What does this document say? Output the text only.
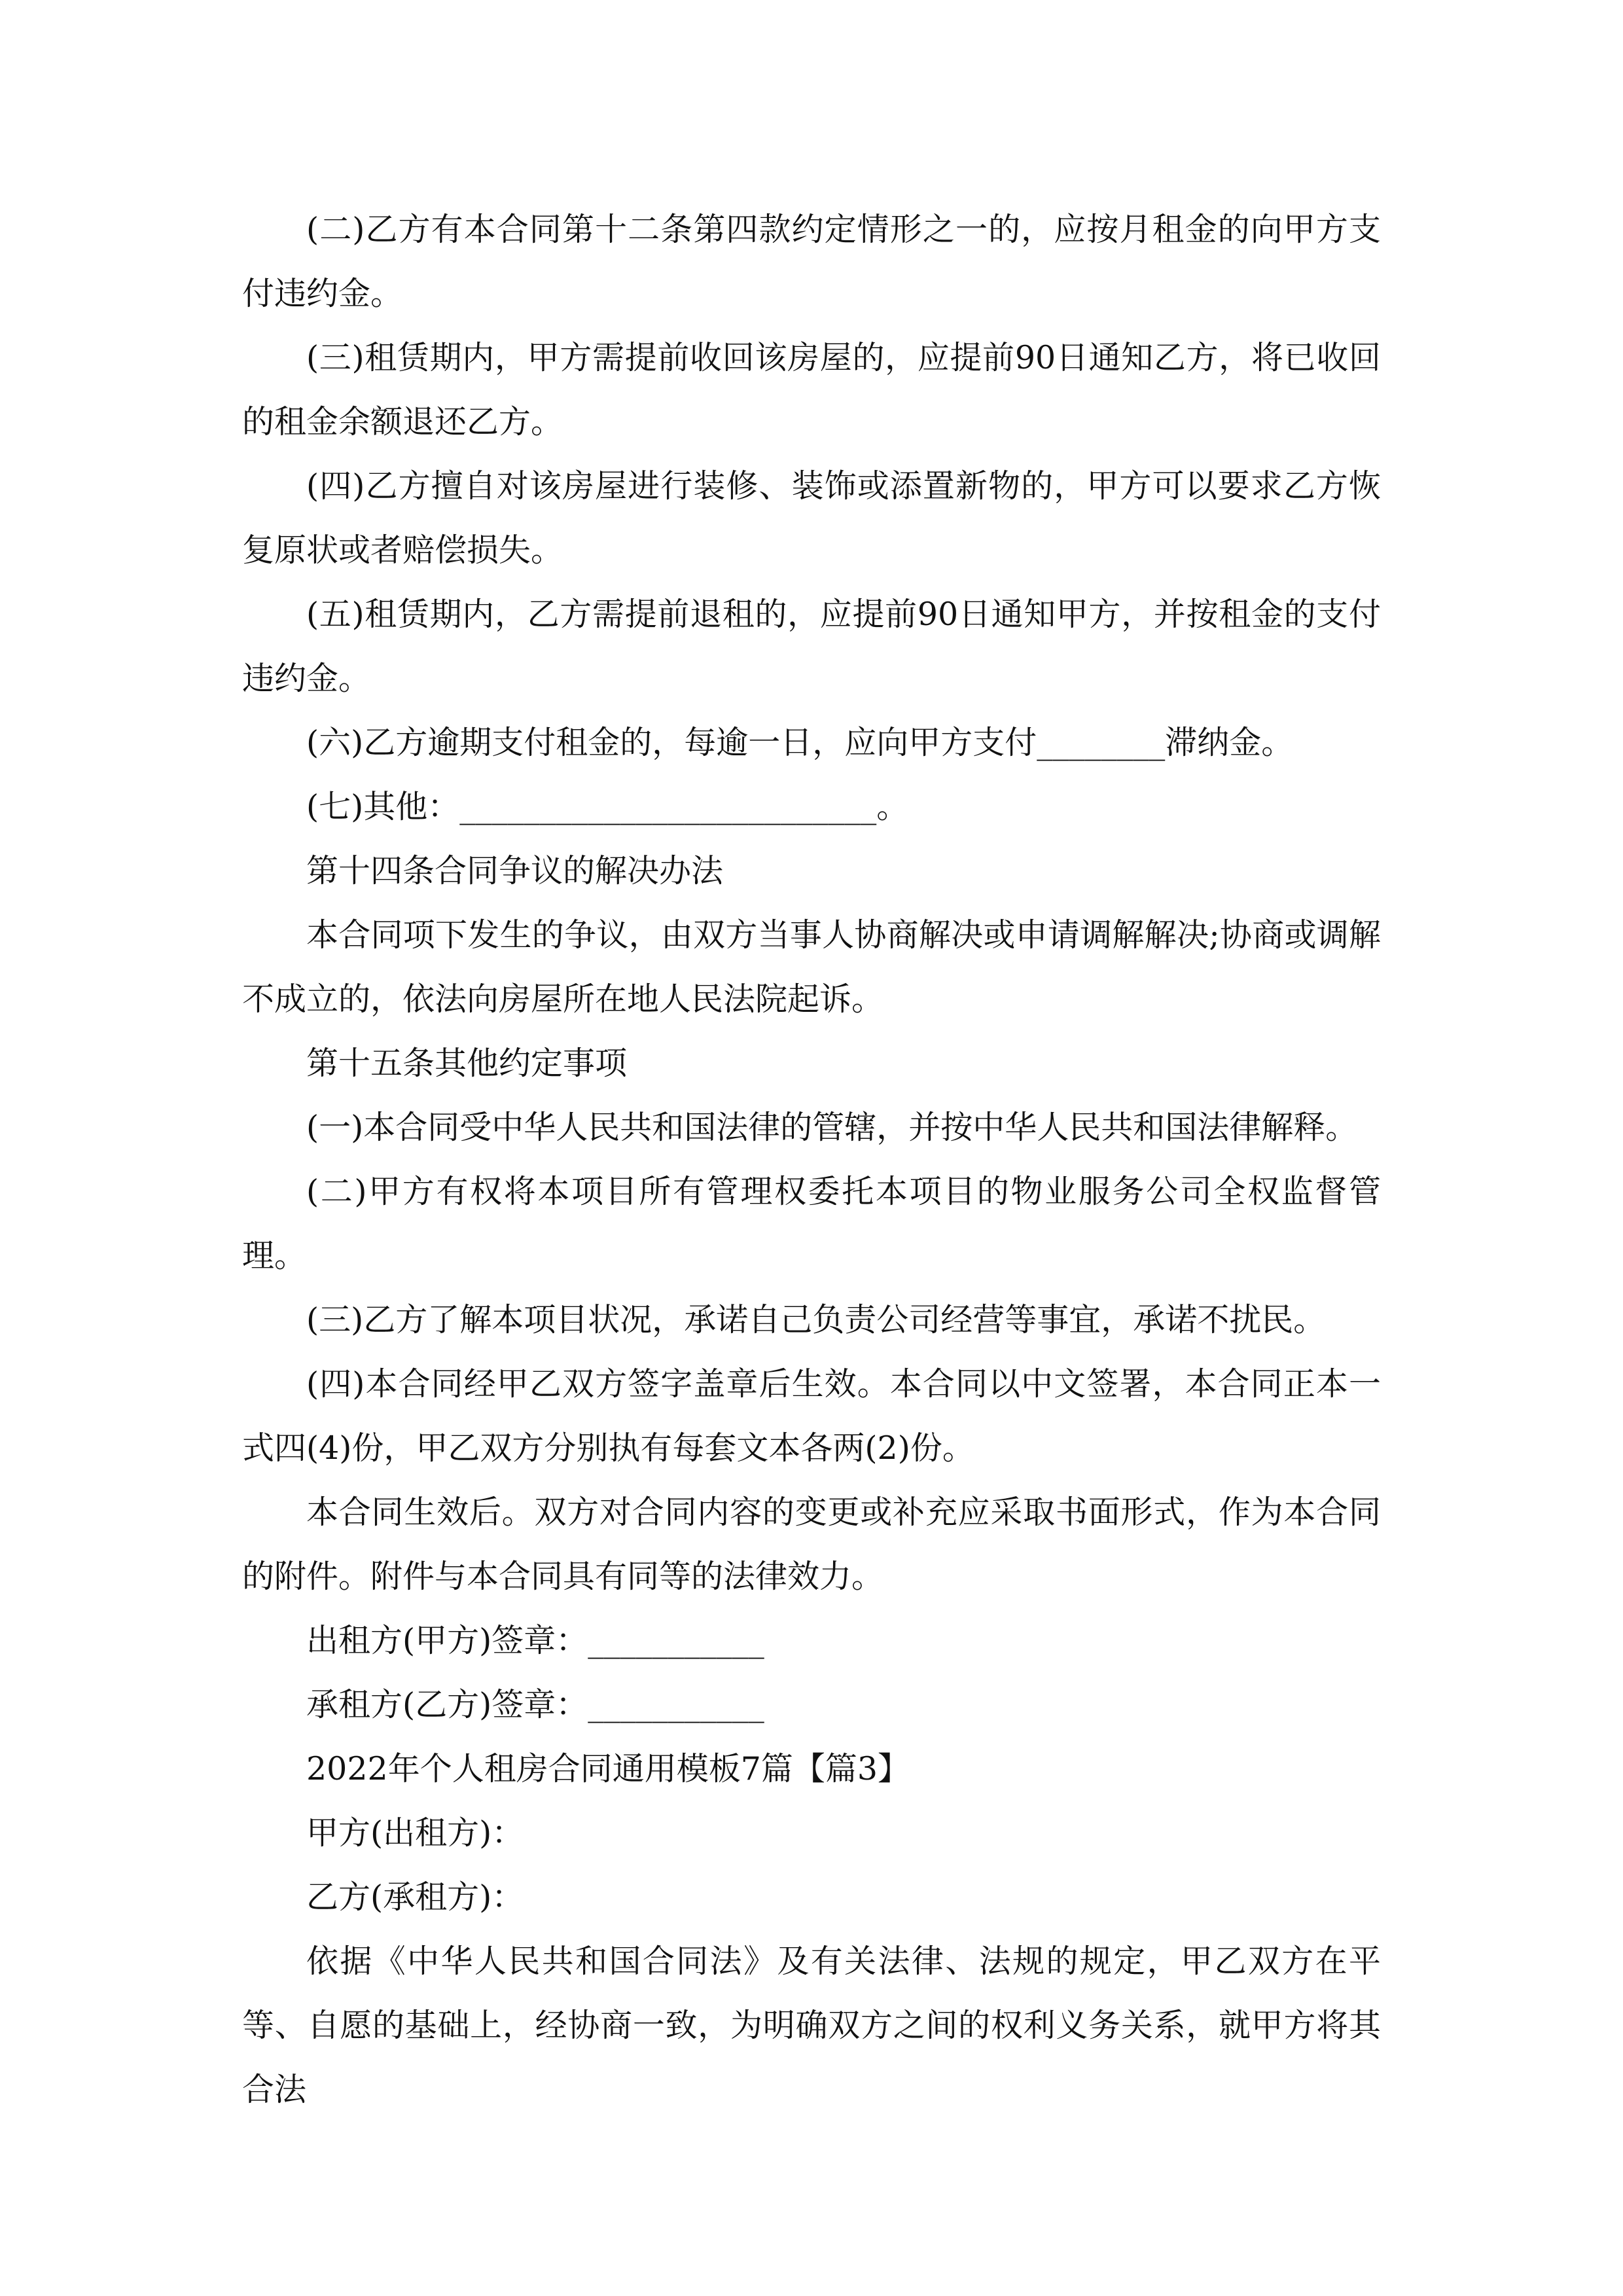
(二)乙方有本合同第十二条第四款约定情形之一的，应按月租金的向甲方支付违约金。

(三)租赁期内，甲方需提前收回该房屋的，应提前90日通知乙方，将已收回的租金余额退还乙方。

(四)乙方擅自对该房屋进行装修、装饰或添置新物的，甲方可以要求乙方恢复原状或者赔偿损失。

(五)租赁期内，乙方需提前退租的，应提前90日通知甲方，并按租金的支付违约金。

(六)乙方逾期支付租金的，每逾一日，应向甲方支付________滞纳金。

(七)其他：__________________________。

第十四条合同争议的解决办法

本合同项下发生的争议，由双方当事人协商解决或申请调解解决;协商或调解不成立的，依法向房屋所在地人民法院起诉。

第十五条其他约定事项

(一)本合同受中华人民共和国法律的管辖，并按中华人民共和国法律解释。

(二)甲方有权将本项目所有管理权委托本项目的物业服务公司全权监督管理。

(三)乙方了解本项目状况，承诺自己负责公司经营等事宜，承诺不扰民。

(四)本合同经甲乙双方签字盖章后生效。本合同以中文签署，本合同正本一式四(4)份，甲乙双方分别执有每套文本各两(2)份。

本合同生效后。双方对合同内容的变更或补充应采取书面形式，作为本合同的附件。附件与本合同具有同等的法律效力。

出租方(甲方)签章：___________

承租方(乙方)签章：___________

2022年个人租房合同通用模板7篇【篇3】

甲方(出租方)：

乙方(承租方)：

依据《中华人民共和国合同法》及有关法律、法规的规定，甲乙双方在平等、自愿的基础上，经协商一致，为明确双方之间的权利义务关系，就甲方将其合法
